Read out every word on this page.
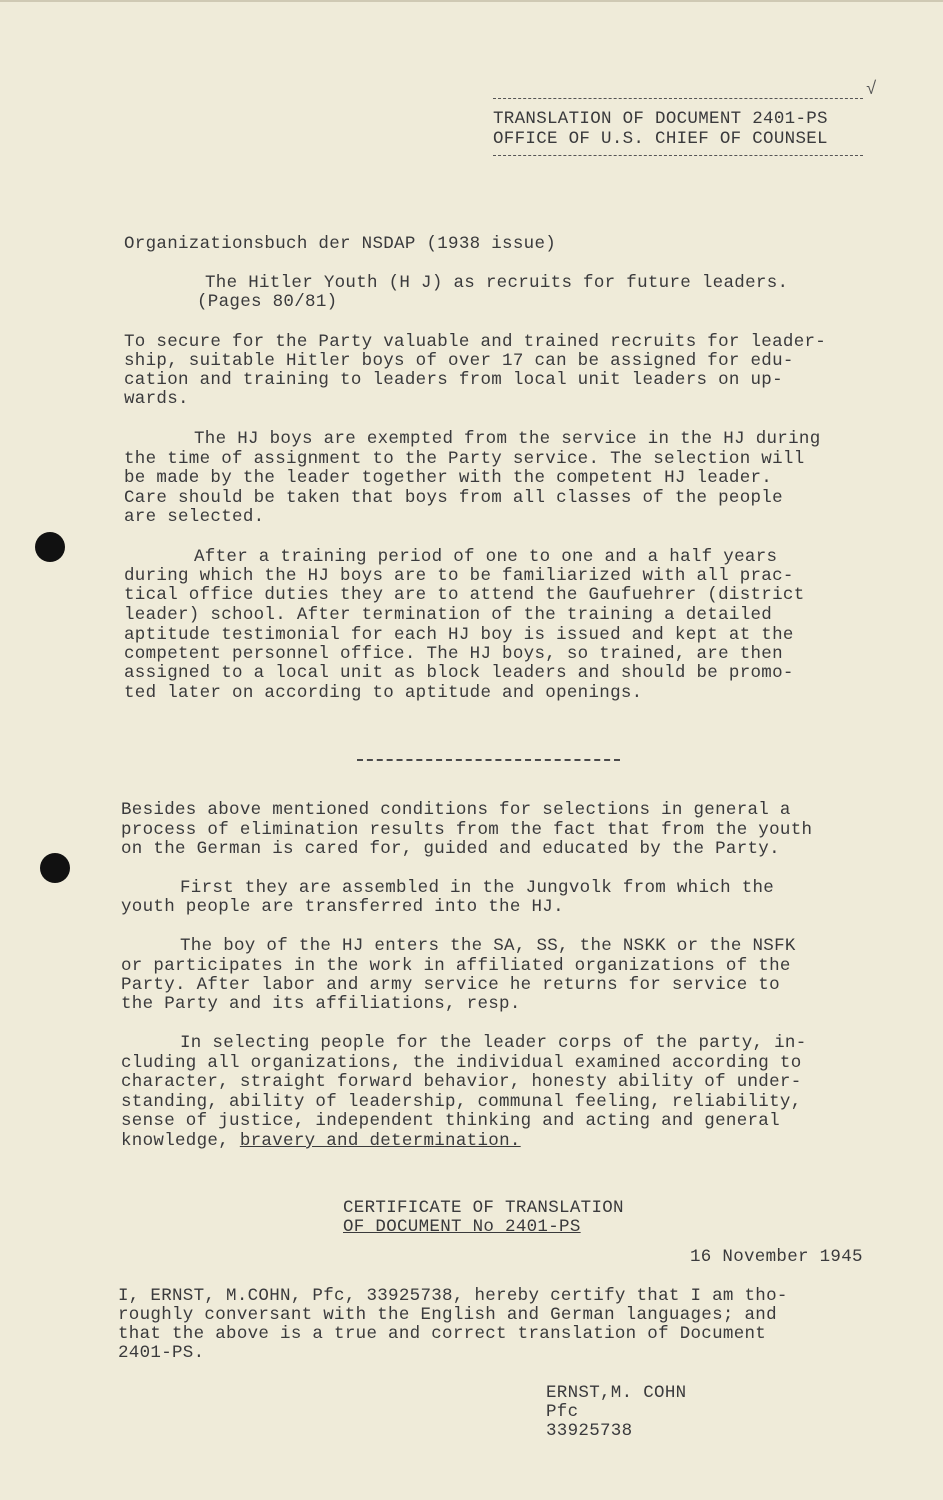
√
TRANSLATION OF DOCUMENT 2401-PS
OFFICE OF U.S. CHIEF OF COUNSEL
Organizationsbuch der NSDAP (1938 issue)
The Hitler Youth (H J) as recruits for future leaders.
(Pages 80/81)
To secure for the Party valuable and trained recruits for leader-
ship, suitable Hitler boys of over 17 can be assigned for edu-
cation and training to leaders from local unit leaders on up-
wards.
The HJ boys are exempted from the service in the HJ during
the time of assignment to the Party service. The selection will
be made by the leader together with the competent HJ leader.
Care should be taken that boys from all classes of the people
are selected.
After a training period of one to one and a half years
during which the HJ boys are to be familiarized with all prac-
tical office duties they are to attend the Gaufuehrer (district
leader) school. After termination of the training a detailed
aptitude testimonial for each HJ boy is issued and kept at the
competent personnel office. The HJ boys, so trained, are then
assigned to a local unit as block leaders and should be promo-
ted later on according to aptitude and openings.
Besides above mentioned conditions for selections in general a
process of elimination results from the fact that from the youth
on the German is cared for, guided and educated by the Party.
First they are assembled in the Jungvolk from which the
youth people are transferred into the HJ.
The boy of the HJ enters the SA, SS, the NSKK or the NSFK
or participates in the work in affiliated organizations of the
Party. After labor and army service he returns for service to
the Party and its affiliations, resp.
In selecting people for the leader corps of the party, in-
cluding all organizations, the individual examined according to
character, straight forward behavior, honesty ability of under-
standing, ability of leadership, communal feeling, reliability,
sense of justice, independent thinking and acting and general
knowledge, bravery and determination.
CERTIFICATE OF TRANSLATION
OF DOCUMENT No 2401-PS
16 November 1945
I, ERNST, M.COHN, Pfc, 33925738, hereby certify that I am tho-
roughly conversant with the English and German languages; and
that the above is a true and correct translation of Document
2401-PS.
ERNST,M. COHN
Pfc
33925738
